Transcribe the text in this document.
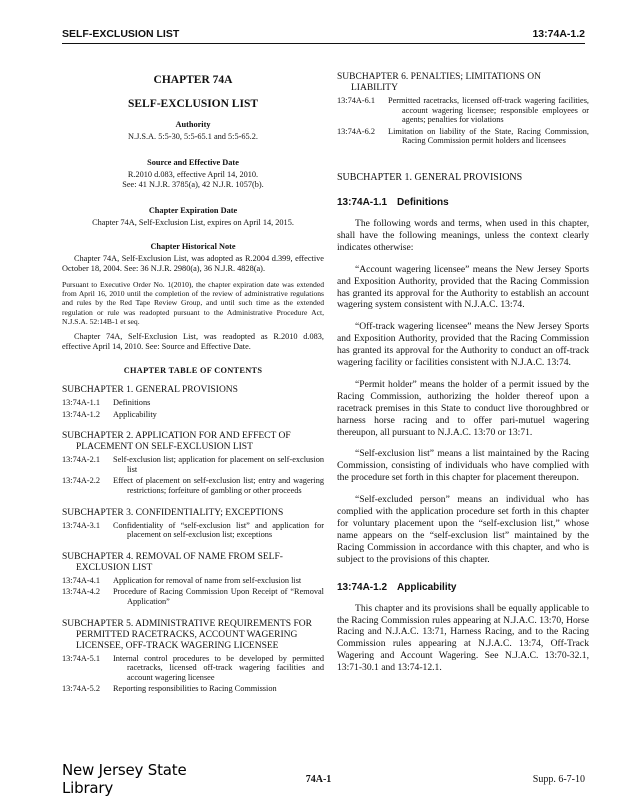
SELF-EXCLUSION LIST	13:74A-1.2
CHAPTER 74A
SELF-EXCLUSION LIST
Authority
N.J.S.A. 5:5-30, 5:5-65.1 and 5:5-65.2.
Source and Effective Date
R.2010 d.083, effective April 14, 2010.
See: 41 N.J.R. 3785(a), 42 N.J.R. 1057(b).
Chapter Expiration Date
Chapter 74A, Self-Exclusion List, expires on April 14, 2015.
Chapter Historical Note
Chapter 74A, Self-Exclusion List, was adopted as R.2004 d.399, effective October 18, 2004. See: 36 N.J.R. 2980(a), 36 N.J.R. 4828(a).
Pursuant to Executive Order No. 1(2010), the chapter expiration date was extended from April 16, 2010 until the completion of the review of administrative regulations and rules by the Red Tape Review Group, and until such time as the extended regulation or rule was readopted pursuant to the Administrative Procedure Act, N.J.S.A. 52:14B-1 et seq.
Chapter 74A, Self-Exclusion List, was readopted as R.2010 d.083, effective April 14, 2010. See: Source and Effective Date.
CHAPTER TABLE OF CONTENTS
SUBCHAPTER 1. GENERAL PROVISIONS
13:74A-1.1	Definitions
13:74A-1.2	Applicability
SUBCHAPTER 2. APPLICATION FOR AND EFFECT OF PLACEMENT ON SELF-EXCLUSION LIST
13:74A-2.1	Self-exclusion list; application for placement on self-exclusion list
13:74A-2.2	Effect of placement on self-exclusion list; entry and wagering restrictions; forfeiture of gambling or other proceeds
SUBCHAPTER 3. CONFIDENTIALITY; EXCEPTIONS
13:74A-3.1	Confidentiality of “self-exclusion list” and application for placement on self-exclusion list; exceptions
SUBCHAPTER 4. REMOVAL OF NAME FROM SELF-EXCLUSION LIST
13:74A-4.1	Application for removal of name from self-exclusion list
13:74A-4.2	Procedure of Racing Commission Upon Receipt of “Removal Application”
SUBCHAPTER 5. ADMINISTRATIVE REQUIREMENTS FOR PERMITTED RACETRACKS, ACCOUNT WAGERING LICENSEE, OFF-TRACK WAGERING LICENSEE
13:74A-5.1	Internal control procedures to be developed by permitted racetracks, licensed off-track wagering facilities and account wagering licensee
13:74A-5.2	Reporting responsibilities to Racing Commission
SUBCHAPTER 6. PENALTIES; LIMITATIONS ON LIABILITY
13:74A-6.1	Permitted racetracks, licensed off-track wagering facilities, account wagering licensee; responsible employees or agents; penalties for violations
13:74A-6.2	Limitation on liability of the State, Racing Commission, Racing Commission permit holders and licensees
SUBCHAPTER 1. GENERAL PROVISIONS
13:74A-1.1 Definitions
The following words and terms, when used in this chapter, shall have the following meanings, unless the context clearly indicates otherwise:
“Account wagering licensee” means the New Jersey Sports and Exposition Authority, provided that the Racing Commission has granted its approval for the Authority to establish an account wagering system consistent with N.J.A.C. 13:74.
“Off-track wagering licensee” means the New Jersey Sports and Exposition Authority, provided that the Racing Commission has granted its approval for the Authority to conduct an off-track wagering facility or facilities consistent with N.J.A.C. 13:74.
“Permit holder” means the holder of a permit issued by the Racing Commission, authorizing the holder thereof upon a racetrack premises in this State to conduct live thoroughbred or harness horse racing and to offer pari-mutuel wagering thereupon, all pursuant to N.J.A.C. 13:70 or 13:71.
“Self-exclusion list” means a list maintained by the Racing Commission, consisting of individuals who have complied with the procedure set forth in this chapter for placement thereupon.
“Self-excluded person” means an individual who has complied with the application procedure set forth in this chapter for voluntary placement upon the “self-exclusion list,” whose name appears on the “self-exclusion list” maintained by the Racing Commission in accordance with this chapter, and who is subject to the provisions of this chapter.
13:74A-1.2 Applicability
This chapter and its provisions shall be equally applicable to the Racing Commission rules appearing at N.J.A.C. 13:70, Horse Racing and N.J.A.C. 13:71, Harness Racing, and to the Racing Commission rules appearing at N.J.A.C. 13:74, Off-Track Wagering and Account Wagering. See N.J.A.C. 13:70-32.1, 13:71-30.1 and 13:74-12.1.
New Jersey State Library	74A-1	Supp. 6-7-10
